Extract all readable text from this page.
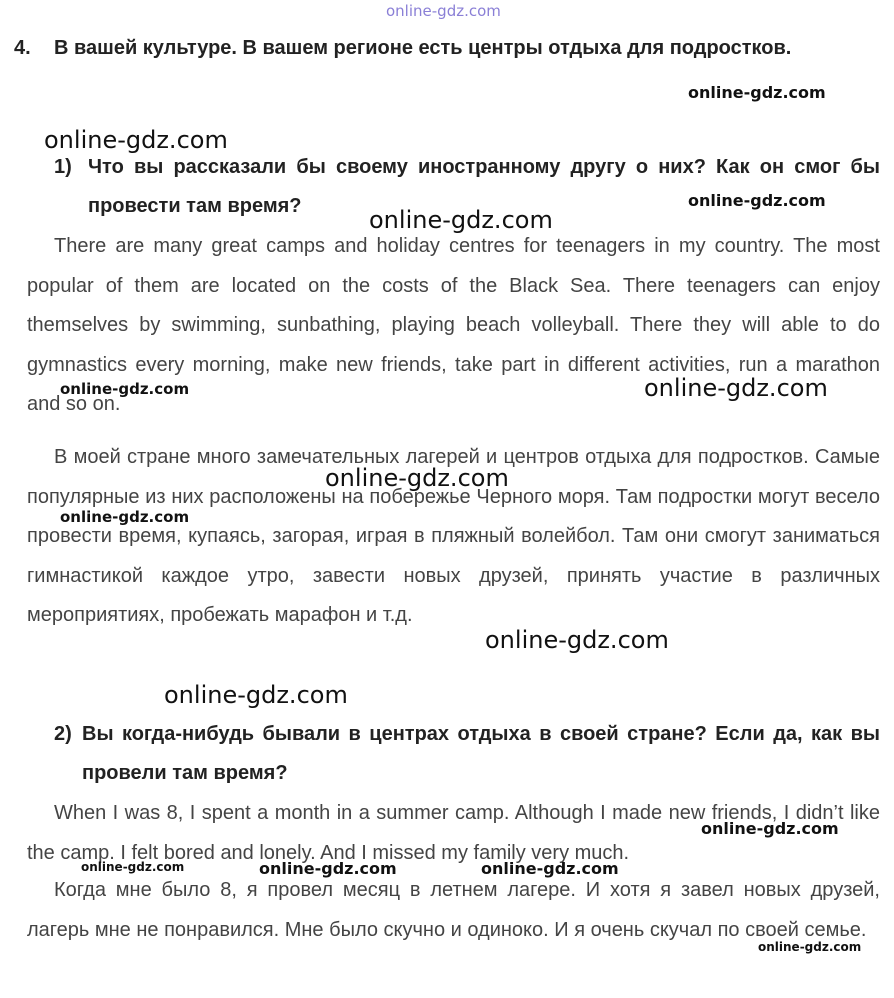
4.	В вашей культуре. В вашем регионе есть центры отдыха для подростков.
1) Что вы рассказали бы своему иностранному другу о них? Как он смог бы провести там время?

There are many great camps and holiday centres for teenagers in my country. The most popular of them are located on the costs of the Black Sea. There teenagers can enjoy themselves by swimming, sunbathing, playing beach volleyball. There they will able to do gymnastics every morning, make new friends, take part in different activities, run a marathon and so on.

В моей стране много замечательных лагерей и центров отдыха для подростков. Самые популярные из них расположены на побережье Черного моря. Там подростки могут весело провести время, купаясь, загорая, играя в пляжный волейбол. Там они смогут заниматься гимнастикой каждое утро, завести новых друзей, принять участие в различных мероприятиях, пробежать марафон и т.д.

2) Вы когда-нибудь бывали в центрах отдыха в своей стране? Если да, как вы провели там время?

When I was 8, I spent a month in a summer camp. Although I made new friends, I didn’t like the camp. I felt bored and lonely. And I missed my family very much.

Когда мне было 8, я провел месяц в летнем лагере. И хотя я завел новых друзей, лагерь мне не понравился. Мне было скучно и одиноко. И я очень скучал по своей семье.

online-gdz.com
online-gdz.com
online-gdz.com
online-gdz.com
online-gdz.com
online-gdz.com
online-gdz.com
online-gdz.com
online-gdz.com
online-gdz.com
online-gdz.com
online-gdz.com
online-gdz.com	online-gdz.com	online-gdz.com
online-gdz.com
